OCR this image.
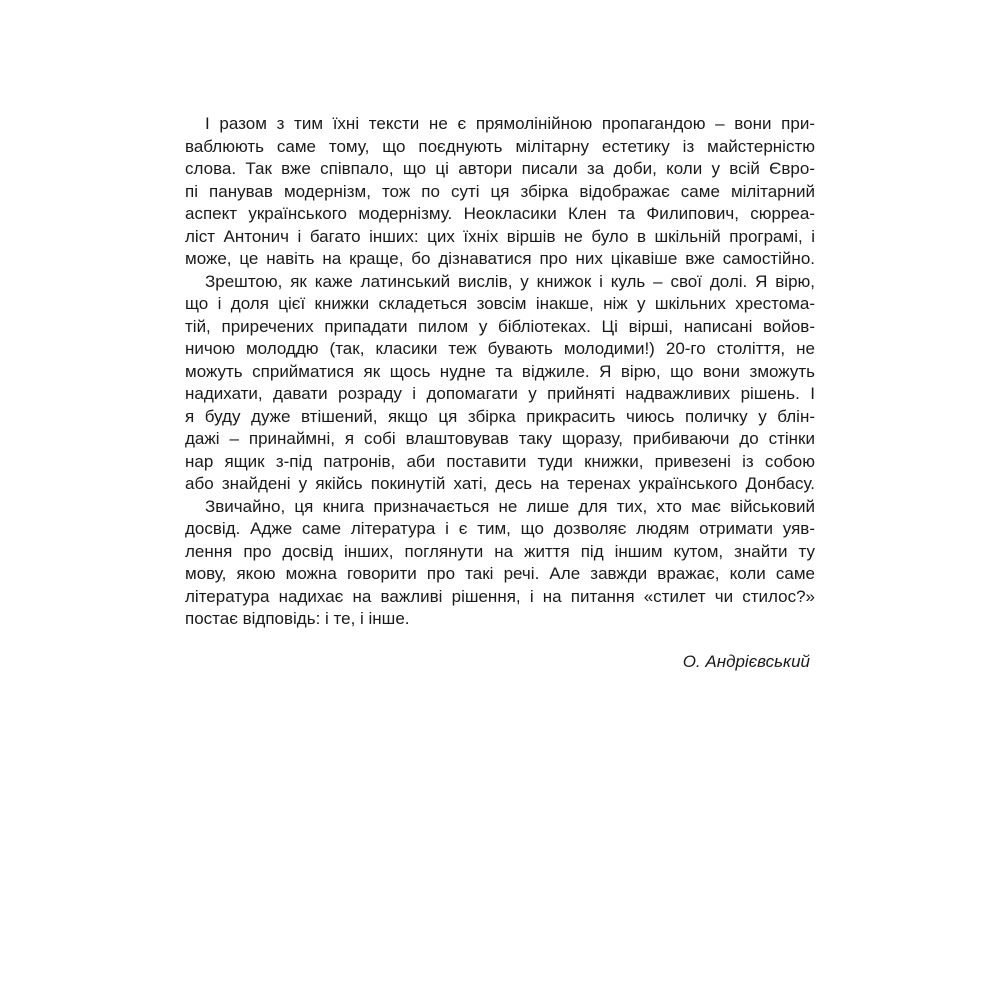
І разом з тим їхні тексти не є прямолінійною пропагандою – вони при-
ваблюють саме тому, що поєднують мілітарну естетику із майстерністю
слова. Так вже співпало, що ці автори писали за доби, коли у всій Євро-
пі панував модернізм, тож по суті ця збірка відображає саме мілітарний
аспект українського модернізму. Неокласики Клен та Филипович, сюрреа-
ліст Антонич і багато інших: цих їхніх віршів не було в шкільній програмі, і
може, це навіть на краще, бо дізнаватися про них цікавіше вже самостійно.

Зрештою, як каже латинський вислів, у книжок і куль – свої долі. Я вірю,
що і доля цієї книжки складеться зовсім інакше, ніж у шкільних хрестома-
тій, приречених припадати пилом у бібліотеках. Ці вірші, написані войов-
ничою молоддю (так, класики теж бувають молодими!) 20-го століття, не
можуть сприйматися як щось нудне та віджиле. Я вірю, що вони зможуть
надихати, давати розраду і допомагати у прийняті надважливих рішень. І
я буду дуже втішений, якщо ця збірка прикрасить чиюсь поличку у блін-
дажі – принаймні, я собі влаштовував таку щоразу, прибиваючи до стінки
нар ящик з-під патронів, аби поставити туди книжки, привезені із собою
або знайдені у якійсь покинутій хаті, десь на теренах українського Донбасу.

Звичайно, ця книга призначається не лише для тих, хто має військовий
досвід. Адже саме література і є тим, що дозволяє людям отримати уяв-
лення про досвід інших, поглянути на життя під іншим кутом, знайти ту
мову, якою можна говорити про такі речі. Але завжди вражає, коли саме
література надихає на важливі рішення, і на питання «стилет чи стилос?»
постає відповідь: і те, і інше.

О. Андрієвський
